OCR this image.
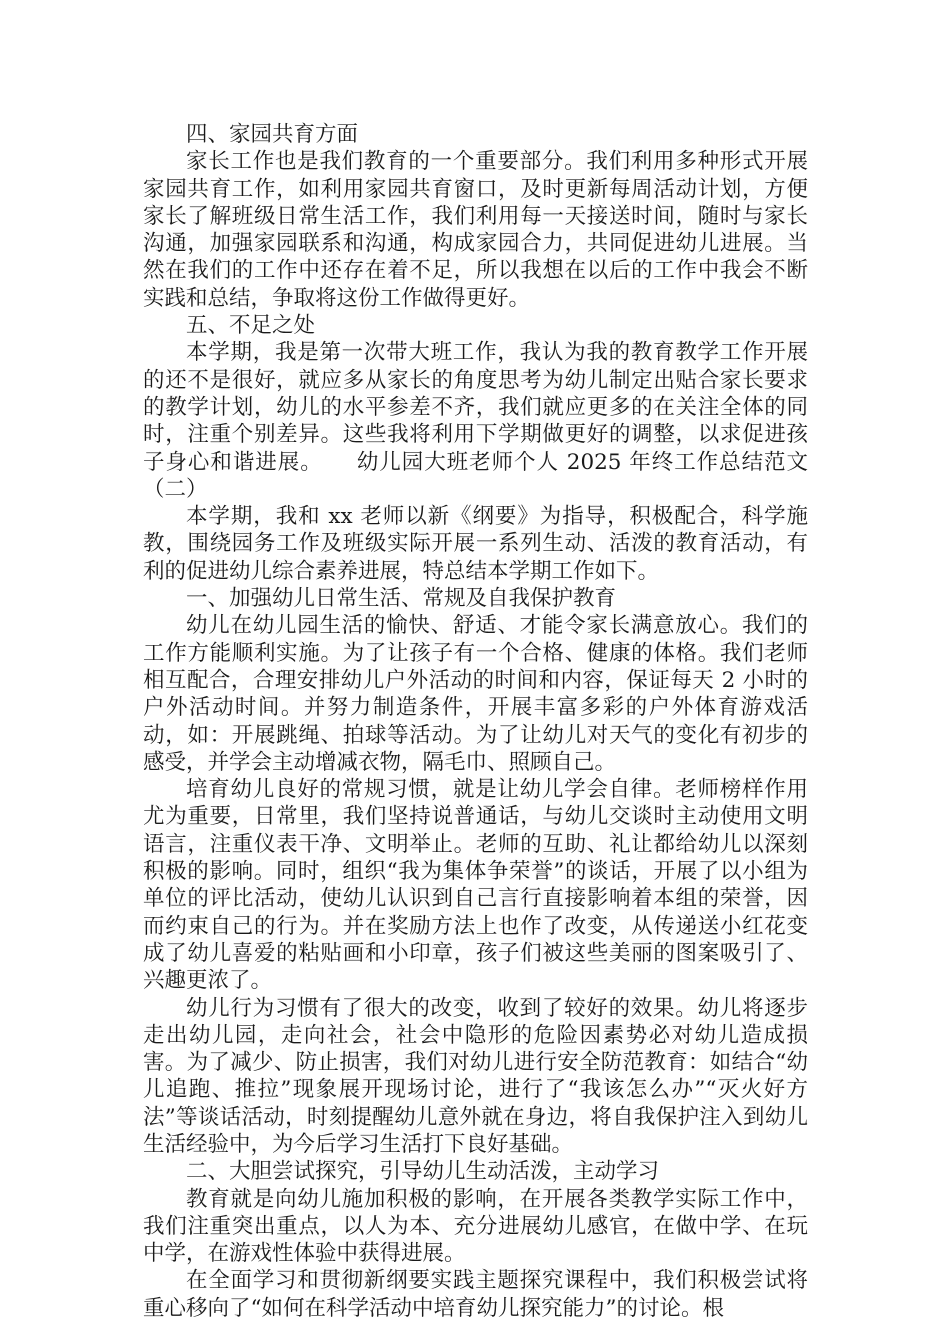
四、家园共育方面

家长工作也是我们教育的一个重要部分。我们利用多种形式开展家园共育工作，如利用家园共育窗口，及时更新每周活动计划，方便家长了解班级日常生活工作，我们利用每一天接送时间，随时与家长沟通，加强家园联系和沟通，构成家园合力，共同促进幼儿进展。当然在我们的工作中还存在着不足，所以我想在以后的工作中我会不断实践和总结，争取将这份工作做得更好。

五、不足之处

本学期，我是第一次带大班工作，我认为我的教育教学工作开展的还不是很好，就应多从家长的角度思考为幼儿制定出贴合家长要求的教学计划，幼儿的水平参差不齐，我们就应更多的在关注全体的同时，注重个别差异。这些我将利用下学期做更好的调整，以求促进孩子身心和谐进展。　　幼儿园大班老师个人 2025 年终工作总结范文（二）

本学期，我和 xx 老师以新《纲要》为指导，积极配合，科学施教，围绕园务工作及班级实际开展一系列生动、活泼的教育活动，有利的促进幼儿综合素养进展，特总结本学期工作如下。

一、加强幼儿日常生活、常规及自我保护教育

幼儿在幼儿园生活的愉快、舒适、才能令家长满意放心。我们的工作方能顺利实施。为了让孩子有一个合格、健康的体格。我们老师相互配合，合理安排幼儿户外活动的时间和内容，保证每天 2 小时的户外活动时间。并努力制造条件，开展丰富多彩的户外体育游戏活动，如：开展跳绳、拍球等活动。为了让幼儿对天气的变化有初步的感受，并学会主动增减衣物，隔毛巾、照顾自己。

培育幼儿良好的常规习惯，就是让幼儿学会自律。老师榜样作用尤为重要，日常里，我们坚持说普通话，与幼儿交谈时主动使用文明语言，注重仪表干净、文明举止。老师的互助、礼让都给幼儿以深刻积极的影响。同时，组织“我为集体争荣誉”的谈话，开展了以小组为单位的评比活动，使幼儿认识到自己言行直接影响着本组的荣誉，因而约束自己的行为。并在奖励方法上也作了改变，从传递送小红花变成了幼儿喜爱的粘贴画和小印章，孩子们被这些美丽的图案吸引了、兴趣更浓了。

幼儿行为习惯有了很大的改变，收到了较好的效果。幼儿将逐步走出幼儿园，走向社会，社会中隐形的危险因素势必对幼儿造成损害。为了减少、防止损害，我们对幼儿进行安全防范教育：如结合“幼儿追跑、推拉”现象展开现场讨论，进行了“我该怎么办”“灭火好方法”等谈话活动，时刻提醒幼儿意外就在身边，将自我保护注入到幼儿生活经验中，为今后学习生活打下良好基础。

二、大胆尝试探究，引导幼儿生动活泼，主动学习

教育就是向幼儿施加积极的影响，在开展各类教学实际工作中，我们注重突出重点，以人为本、充分进展幼儿感官，在做中学、在玩中学，在游戏性体验中获得进展。

在全面学习和贯彻新纲要实践主题探究课程中，我们积极尝试将重心移向了“如何在科学活动中培育幼儿探究能力”的讨论。根
